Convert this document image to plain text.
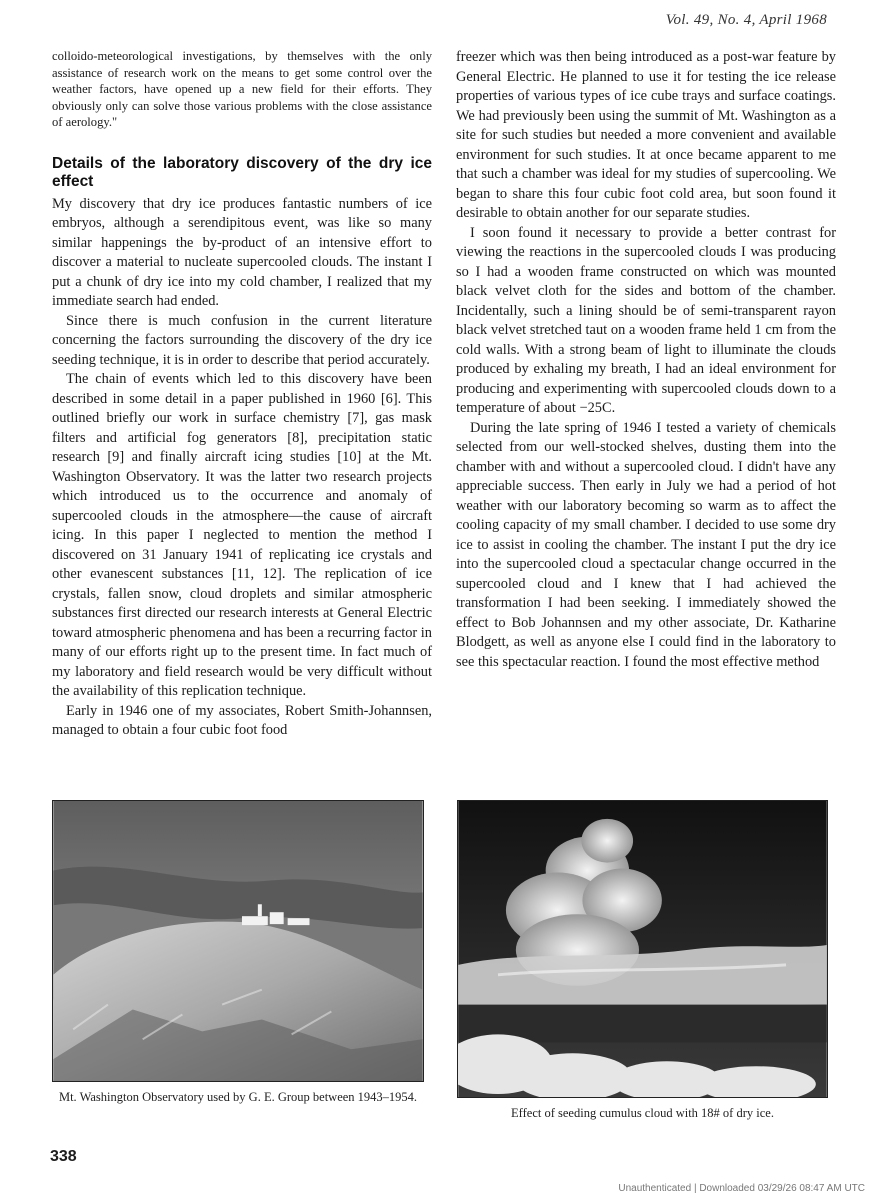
Vol. 49, No. 4, April 1968

colloido-meteorological investigations, by themselves with the only assistance of research work on the means to get some control over the weather factors, have opened up a new field for their efforts. They obviously only can solve those various problems with the close assistance of aerology."

Details of the laboratory discovery of the dry ice effect

My discovery that dry ice produces fantastic numbers of ice embryos, although a serendipitous event, was like so many similar happenings the by-product of an intensive effort to discover a material to nucleate supercooled clouds. The instant I put a chunk of dry ice into my cold chamber, I realized that my immediate search had ended.

Since there is much confusion in the current literature concerning the factors surrounding the discovery of the dry ice seeding technique, it is in order to describe that period accurately.

The chain of events which led to this discovery have been described in some detail in a paper published in 1960 [6]. This outlined briefly our work in surface chemistry [7], gas mask filters and artificial fog generators [8], precipitation static research [9] and finally aircraft icing studies [10] at the Mt. Washington Observatory. It was the latter two research projects which introduced us to the occurrence and anomaly of supercooled clouds in the atmosphere—the cause of aircraft icing. In this paper I neglected to mention the method I discovered on 31 January 1941 of replicating ice crystals and other evanescent substances [11, 12]. The replication of ice crystals, fallen snow, cloud droplets and similar atmospheric substances first directed our research interests at General Electric toward atmospheric phenomena and has been a recurring factor in many of our efforts right up to the present time. In fact much of my laboratory and field research would be very difficult without the availability of this replication technique.

Early in 1946 one of my associates, Robert Smith-Johannsen, managed to obtain a four cubic foot food

freezer which was then being introduced as a post-war feature by General Electric. He planned to use it for testing the ice release properties of various types of ice cube trays and surface coatings. We had previously been using the summit of Mt. Washington as a site for such studies but needed a more convenient and available environment for such studies. It at once became apparent to me that such a chamber was ideal for my studies of supercooling. We began to share this four cubic foot cold area, but soon found it desirable to obtain another for our separate studies.

I soon found it necessary to provide a better contrast for viewing the reactions in the supercooled clouds I was producing so I had a wooden frame constructed on which was mounted black velvet cloth for the sides and bottom of the chamber. Incidentally, such a lining should be of semi-transparent rayon black velvet stretched taut on a wooden frame held 1 cm from the cold walls. With a strong beam of light to illuminate the clouds produced by exhaling my breath, I had an ideal environment for producing and experimenting with supercooled clouds down to a temperature of about −25C.

During the late spring of 1946 I tested a variety of chemicals selected from our well-stocked shelves, dusting them into the chamber with and without a supercooled cloud. I didn't have any appreciable success. Then early in July we had a period of hot weather with our laboratory becoming so warm as to affect the cooling capacity of my small chamber. I decided to use some dry ice to assist in cooling the chamber. The instant I put the dry ice into the supercooled cloud a spectacular change occurred in the supercooled cloud and I knew that I had achieved the transformation I had been seeking. I immediately showed the effect to Bob Johannsen and my other associate, Dr. Katharine Blodgett, as well as anyone else I could find in the laboratory to see this spectacular reaction. I found the most effective method

Mt. Washington Observatory used by G. E. Group between 1943–1954.
Effect of seeding cumulus cloud with 18# of dry ice.
338
Unauthenticated | Downloaded 03/29/26 08:47 AM UTC
